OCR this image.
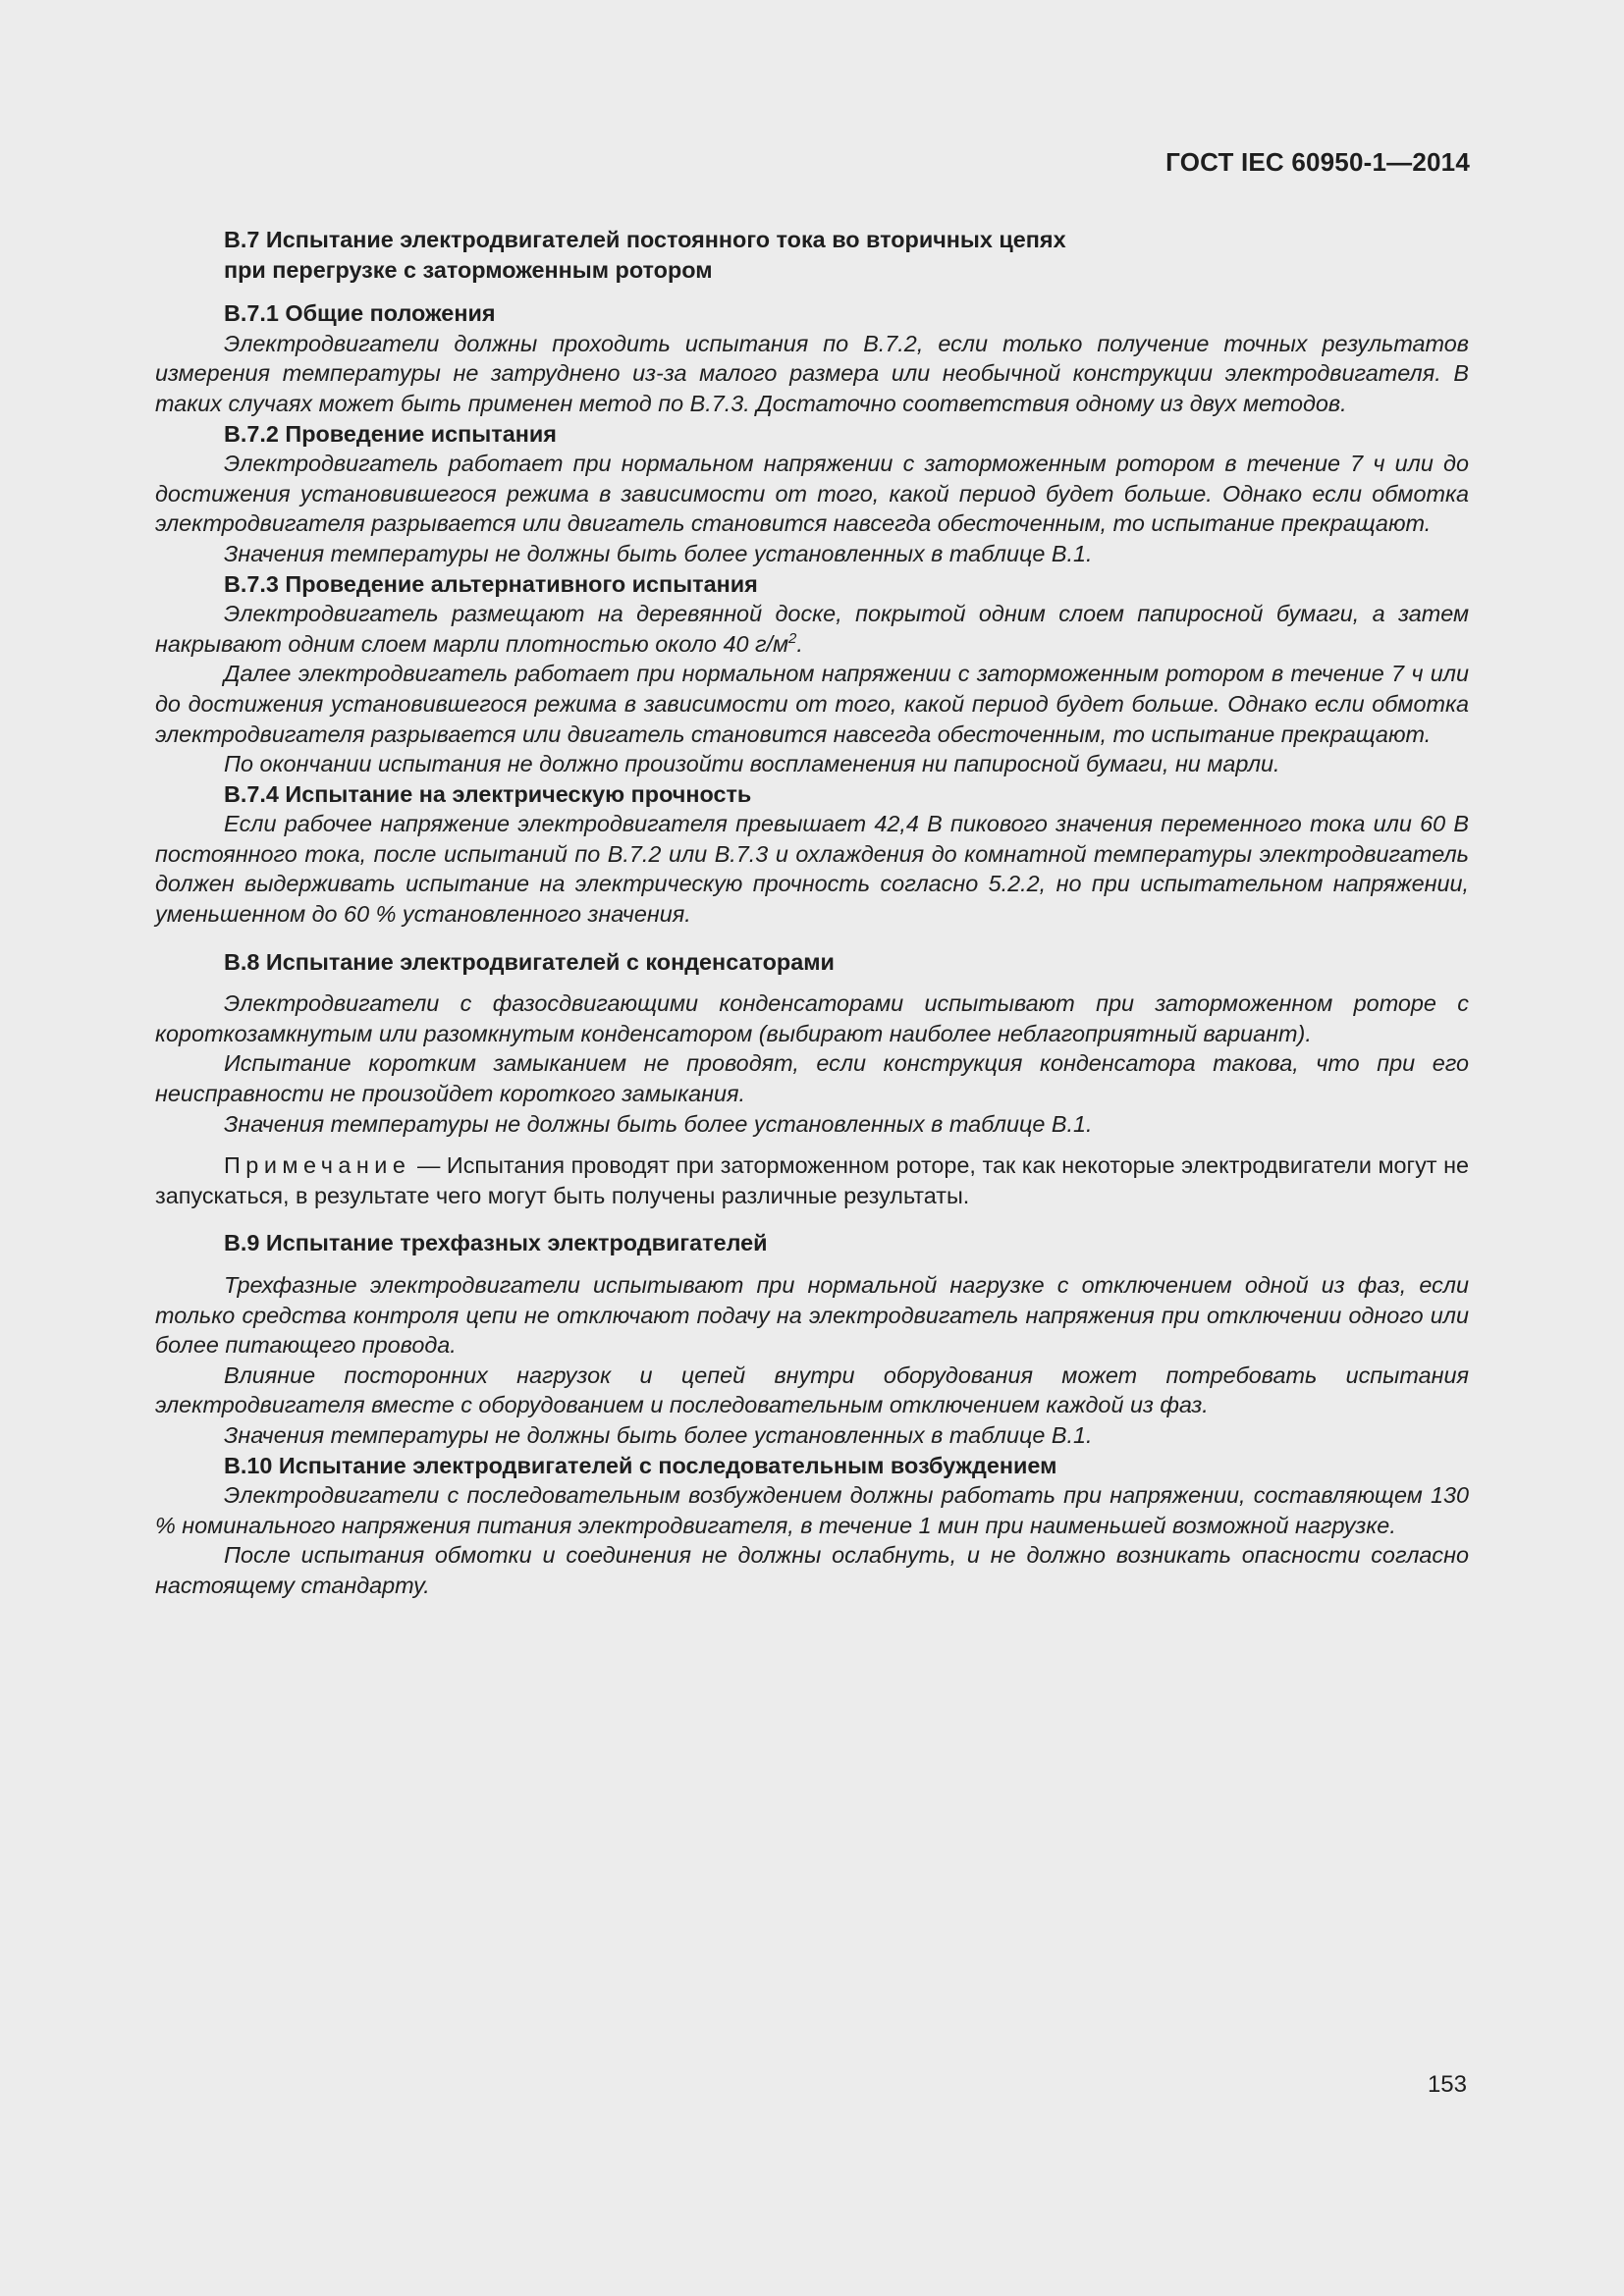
ГОСТ IEC 60950-1—2014

В.7 Испытание электродвигателей постоянного тока во вторичных цепях

при перегрузке с заторможенным ротором

В.7.1 Общие положения

Электродвигатели должны проходить испытания по В.7.2, если только получение точных результатов измерения температуры не затруднено из-за малого размера или необычной конструкции электродвигателя. В таких случаях может быть применен метод по В.7.3. Достаточно соответствия одному из двух методов.

В.7.2 Проведение испытания

Электродвигатель работает при нормальном напряжении с заторможенным ротором в течение 7 ч или до достижения установившегося режима в зависимости от того, какой период будет больше. Однако если обмотка электродвигателя разрывается или двигатель становится навсегда обесточенным, то испытание прекращают.

Значения температуры не должны быть более установленных в таблице В.1.

В.7.3 Проведение альтернативного испытания

Электродвигатель размещают на деревянной доске, покрытой одним слоем папиросной бумаги, а затем накрывают одним слоем марли плотностью около 40 $г/м^2$.

Далее электродвигатель работает при нормальном напряжении с заторможенным ротором в течение 7 ч или до достижения установившегося режима в зависимости от того, какой период будет больше. Однако если обмотка электродвигателя разрывается или двигатель становится навсегда обесточенным, то испытание прекращают.

По окончании испытания не должно произойти воспламенения ни папиросной бумаги, ни марли.

В.7.4 Испытание на электрическую прочность

Если рабочее напряжение электродвигателя превышает 42,4 В пикового значения переменного тока или 60 В постоянного тока, после испытаний по В.7.2 или В.7.3 и охлаждения до комнатной температуры электродвигатель должен выдерживать испытание на электрическую прочность согласно 5.2.2, но при испытательном напряжении, уменьшенном до 60 % установленного значения.

В.8 Испытание электродвигателей с конденсаторами

Электродвигатели с фазосдвигающими конденсаторами испытывают при заторможенном роторе с короткозамкнутым или разомкнутым конденсатором (выбирают наиболее неблагоприятный вариант).

Испытание коротким замыканием не проводят, если конструкция конденсатора такова, что при его неисправности не произойдет короткого замыкания.

Значения температуры не должны быть более установленных в таблице В.1.

Примечание — Испытания проводят при заторможенном роторе, так как некоторые электродвигатели могут не запускаться, в результате чего могут быть получены различные результаты.

В.9 Испытание трехфазных электродвигателей

Трехфазные электродвигатели испытывают при нормальной нагрузке с отключением одной из фаз, если только средства контроля цепи не отключают подачу на электродвигатель напряжения при отключении одного или более питающего провода.

Влияние посторонних нагрузок и цепей внутри оборудования может потребовать испытания электродвигателя вместе с оборудованием и последовательным отключением каждой из фаз.

Значения температуры не должны быть более установленных в таблице В.1.

В.10 Испытание электродвигателей с последовательным возбуждением

Электродвигатели с последовательным возбуждением должны работать при напряжении, составляющем 130 % номинального напряжения питания электродвигателя, в течение 1 мин при наименьшей возможной нагрузке.

После испытания обмотки и соединения не должны ослабнуть, и не должно возникать опасности согласно настоящему стандарту.

153
